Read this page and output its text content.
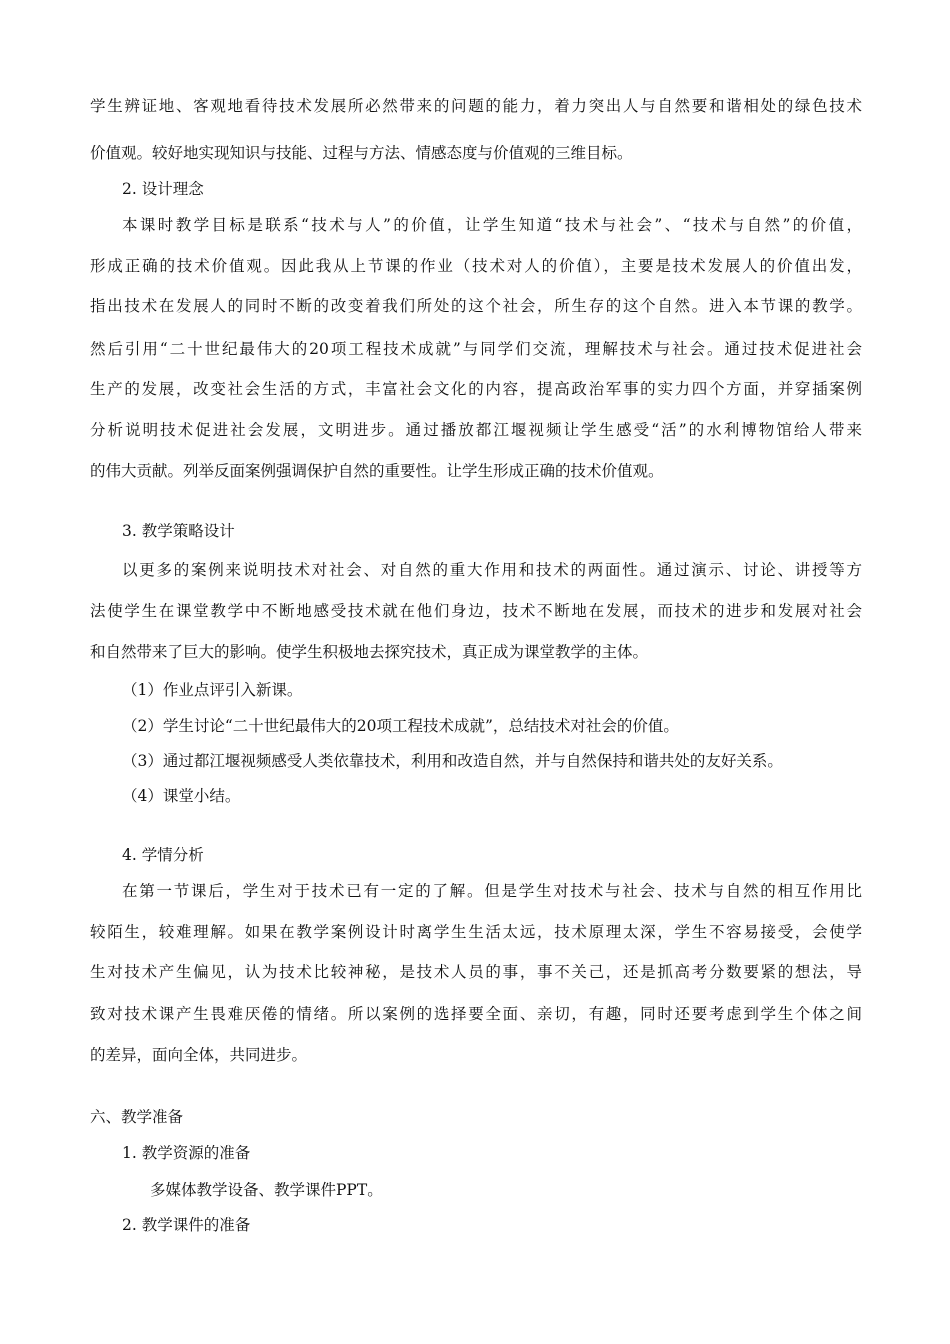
学生辨证地、客观地看待技术发展所必然带来的问题的能力，着力突出人与自然要和谐相处的绿色技术
价值观。较好地实现知识与技能、过程与方法、情感态度与价值观的三维目标。
2. 设计理念
本课时教学目标是联系“技术与人”的价值，让学生知道“技术与社会”、“技术与自然”的价值，
形成正确的技术价值观。因此我从上节课的作业（技术对人的价值），主要是技术发展人的价值出发，
指出技术在发展人的同时不断的改变着我们所处的这个社会，所生存的这个自然。进入本节课的教学。
然后引用“二十世纪最伟大的20项工程技术成就”与同学们交流，理解技术与社会。通过技术促进社会
生产的发展，改变社会生活的方式，丰富社会文化的内容，提高政治军事的实力四个方面，并穿插案例
分析说明技术促进社会发展，文明进步。通过播放都江堰视频让学生感受“活”的水利博物馆给人带来
的伟大贡献。列举反面案例强调保护自然的重要性。让学生形成正确的技术价值观。
3. 教学策略设计
以更多的案例来说明技术对社会、对自然的重大作用和技术的两面性。通过演示、讨论、讲授等方
法使学生在课堂教学中不断地感受技术就在他们身边，技术不断地在发展，而技术的进步和发展对社会
和自然带来了巨大的影响。使学生积极地去探究技术，真正成为课堂教学的主体。
（1）作业点评引入新课。
（2）学生讨论“二十世纪最伟大的20项工程技术成就”，总结技术对社会的价值。
（3）通过都江堰视频感受人类依靠技术，利用和改造自然，并与自然保持和谐共处的友好关系。
（4）课堂小结。
4. 学情分析
在第一节课后，学生对于技术已有一定的了解。但是学生对技术与社会、技术与自然的相互作用比
较陌生，较难理解。如果在教学案例设计时离学生生活太远，技术原理太深，学生不容易接受，会使学
生对技术产生偏见，认为技术比较神秘，是技术人员的事，事不关己，还是抓高考分数要紧的想法，导
致对技术课产生畏难厌倦的情绪。所以案例的选择要全面、亲切，有趣，同时还要考虑到学生个体之间
的差异，面向全体，共同进步。
六、教学准备
1. 教学资源的准备
多媒体教学设备、教学课件PPT。
2. 教学课件的准备
